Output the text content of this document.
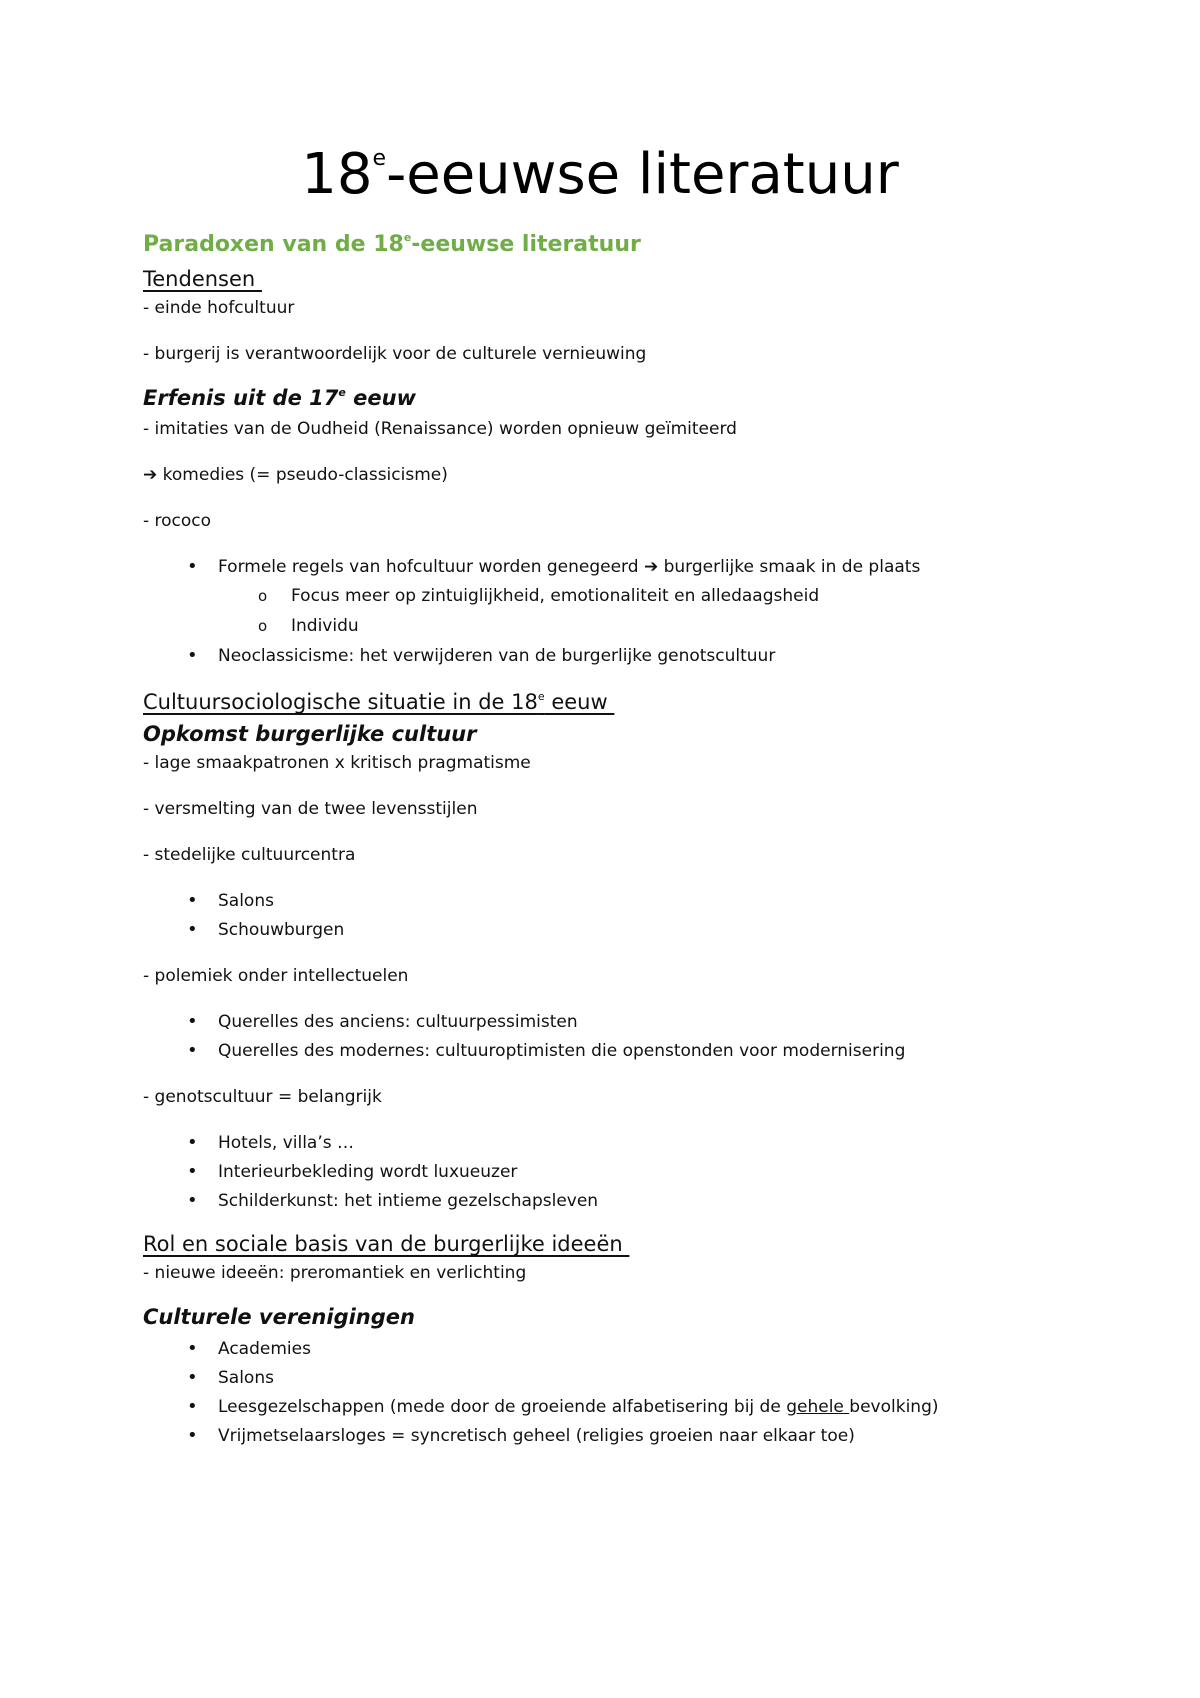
18e-eeuwse literatuur
Paradoxen van de 18e-eeuwse literatuur
Tendensen
- einde hofcultuur
- burgerij is verantwoordelijk voor de culturele vernieuwing
Erfenis uit de 17e eeuw
- imitaties van de Oudheid (Renaissance) worden opnieuw geïmiteerd
➔ komedies (= pseudo-classicisme)
- rococo
• Formele regels van hofcultuur worden genegeerd ➔ burgerlijke smaak in de plaats
o Focus meer op zintuiglijkheid, emotionaliteit en alledaagsheid
o Individu
• Neoclassicisme: het verwijderen van de burgerlijke genotscultuur
Cultuursociologische situatie in de 18e eeuw
Opkomst burgerlijke cultuur
- lage smaakpatronen x kritisch pragmatisme
- versmelting van de twee levensstijlen
- stedelijke cultuurcentra
• Salons
• Schouwburgen
- polemiek onder intellectuelen
• Querelles des anciens: cultuurpessimisten
• Querelles des modernes: cultuuroptimisten die openstonden voor modernisering
- genotscultuur = belangrijk
• Hotels, villa’s …
• Interieurbekleding wordt luxueuzer
• Schilderkunst: het intieme gezelschapsleven
Rol en sociale basis van de burgerlijke ideeën
- nieuwe ideeën: preromantiek en verlichting
Culturele verenigingen
• Academies
• Salons
• Leesgezelschappen (mede door de groeiende alfabetisering bij de gehele bevolking)
• Vrijmetselaarsloges = syncretisch geheel (religies groeien naar elkaar toe)
